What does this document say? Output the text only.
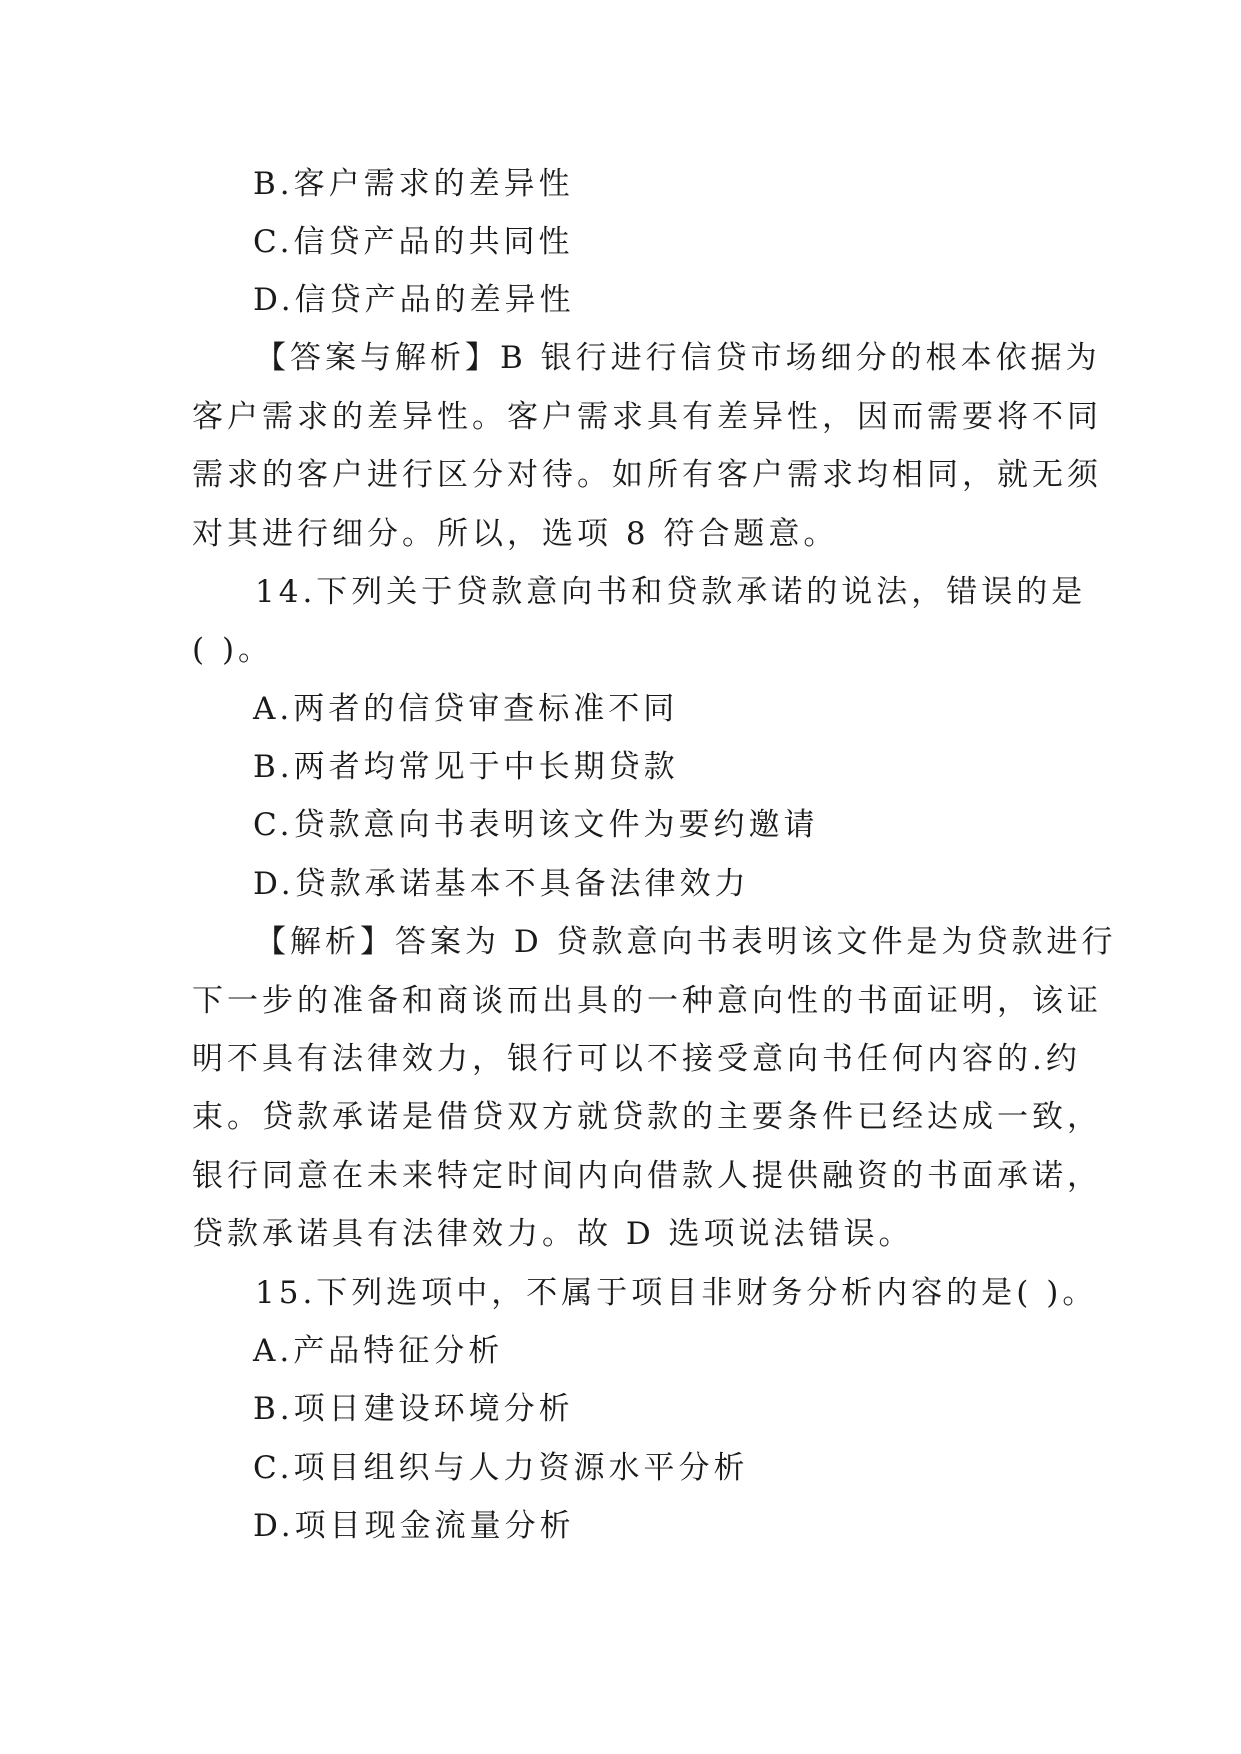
B.客户需求的差异性
C.信贷产品的共同性
D.信贷产品的差异性
【答案与解析】B 银行进行信贷市场细分的根本依据为
客户需求的差异性。客户需求具有差异性，因而需要将不同
需求的客户进行区分对待。如所有客户需求均相同，就无须
对其进行细分。所以，选项 8 符合题意。
14.下列关于贷款意向书和贷款承诺的说法，错误的是
( )。
A.两者的信贷审查标准不同
B.两者均常见于中长期贷款
C.贷款意向书表明该文件为要约邀请
D.贷款承诺基本不具备法律效力
【解析】答案为 D 贷款意向书表明该文件是为贷款进行
下一步的准备和商谈而出具的一种意向性的书面证明，该证
明不具有法律效力，银行可以不接受意向书任何内容的.约
束。贷款承诺是借贷双方就贷款的主要条件已经达成一致，
银行同意在未来特定时间内向借款人提供融资的书面承诺，
贷款承诺具有法律效力。故 D 选项说法错误。
15.下列选项中，不属于项目非财务分析内容的是( )。
A.产品特征分析
B.项日建设环境分析
C.项目组织与人力资源水平分析
D.项目现金流量分析
